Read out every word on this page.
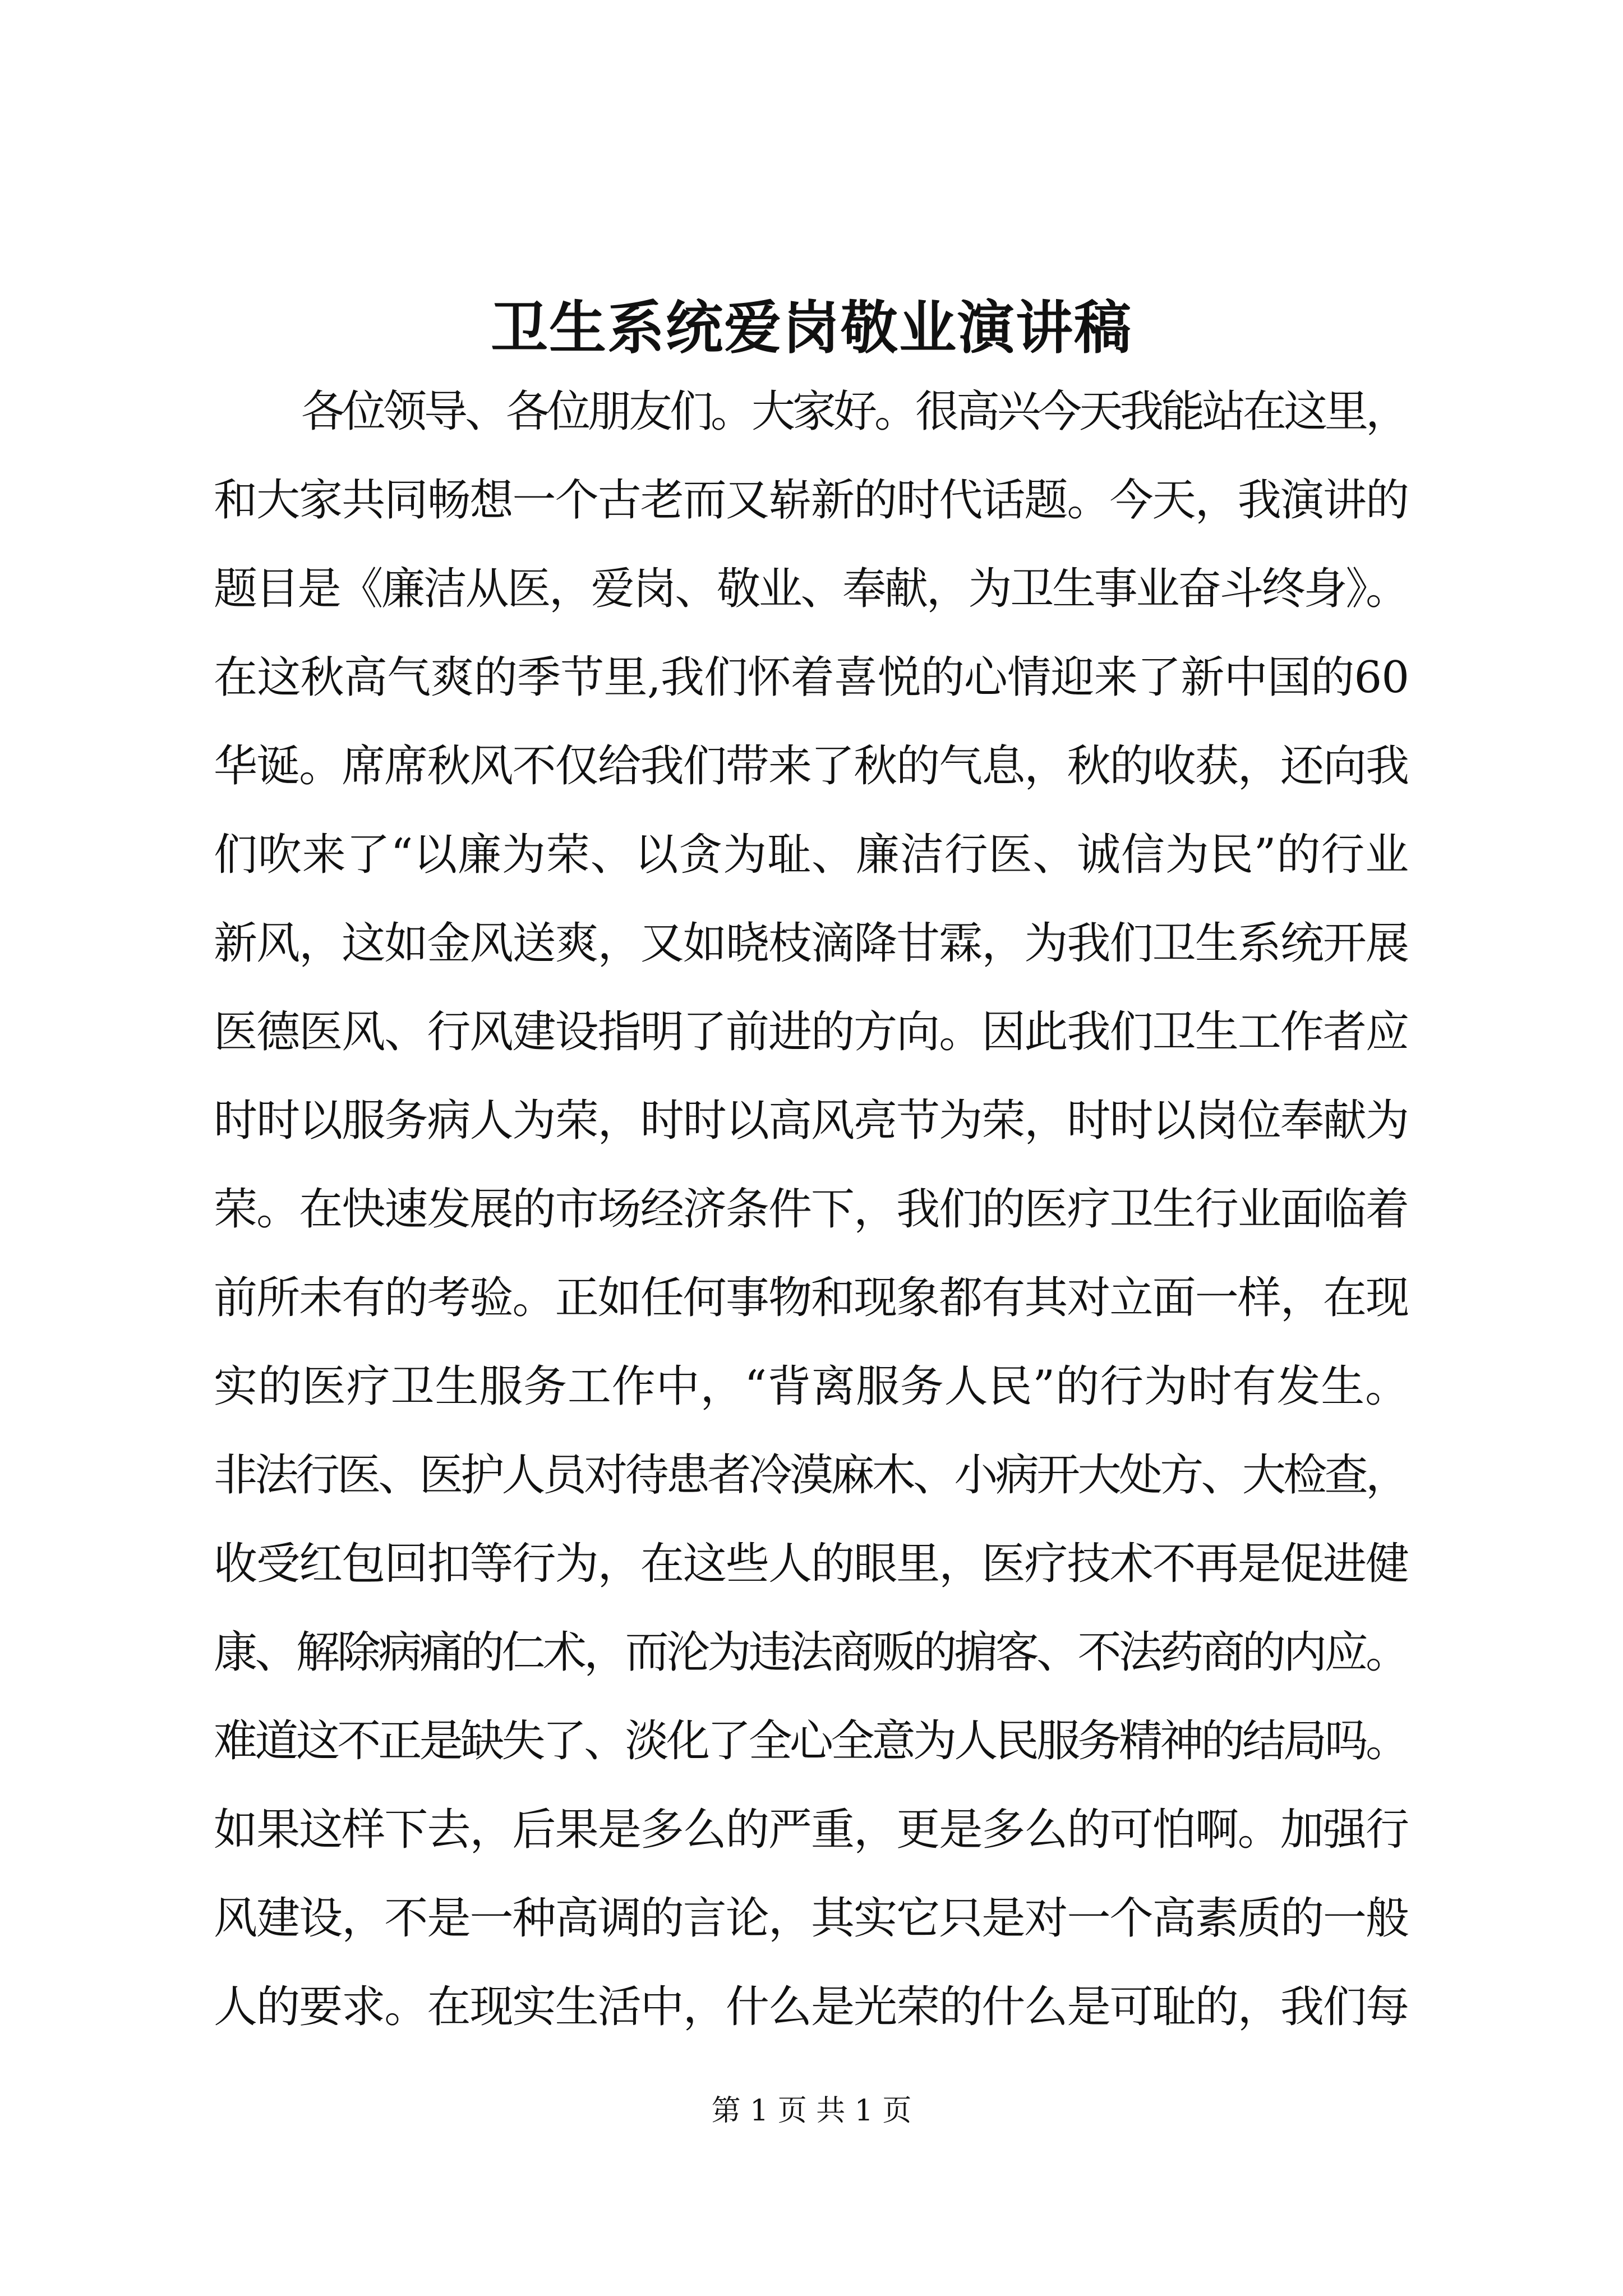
卫生系统爱岗敬业演讲稿
各位领导、各位朋友们。大家好。很高兴今天我能站在这里，
和大家共同畅想一个古老而又崭新的时代话题。今天，我演讲的
题目是《廉洁从医，爱岗、敬业、奉献，为卫生事业奋斗终身》。
在这秋高气爽的季节里,我们怀着喜悦的心情迎来了新中国的60
华诞。席席秋风不仅给我们带来了秋的气息，秋的收获，还向我
们吹来了“以廉为荣、以贪为耻、廉洁行医、诚信为民”的行业
新风，这如金风送爽，又如晓枝滴降甘霖，为我们卫生系统开展
医德医风、行风建设指明了前进的方向。因此我们卫生工作者应
时时以服务病人为荣，时时以高风亮节为荣，时时以岗位奉献为
荣。在快速发展的市场经济条件下，我们的医疗卫生行业面临着
前所未有的考验。正如任何事物和现象都有其对立面一样，在现
实的医疗卫生服务工作中，“背离服务人民”的行为时有发生。
非法行医、医护人员对待患者冷漠麻木、小病开大处方、大检查，
收受红包回扣等行为，在这些人的眼里，医疗技术不再是促进健
康、解除病痛的仁术，而沦为违法商贩的掮客、不法药商的内应。
难道这不正是缺失了、淡化了全心全意为人民服务精神的结局吗。
如果这样下去，后果是多么的严重，更是多么的可怕啊。加强行
风建设，不是一种高调的言论，其实它只是对一个高素质的一般
人的要求。在现实生活中，什么是光荣的什么是可耻的，我们每
第 1 页 共 1 页
